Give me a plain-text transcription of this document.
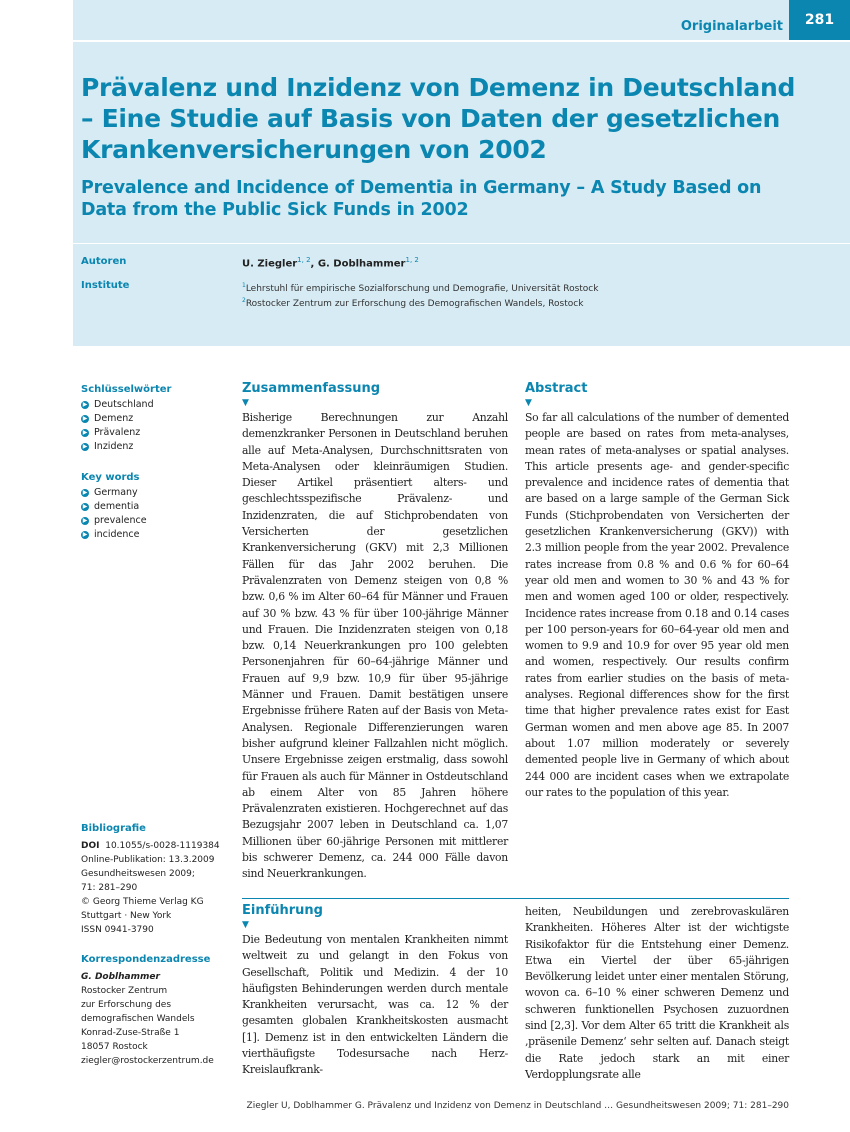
Originalarbeit	281
Prävalenz und Inzidenz von Demenz in Deutschland – Eine Studie auf Basis von Daten der gesetzlichen Krankenversicherungen von 2002
Prevalence and Incidence of Dementia in Germany – A Study Based on Data from the Public Sick Funds in 2002
Autoren	U. Ziegler$^{1, 2}$, G. Doblhammer$^{1, 2}$
Institute	$^1$Lehrstuhl für empirische Sozialforschung und Demografie, Universität Rostock
$^2$Rostocker Zentrum zur Erforschung des Demografischen Wandels, Rostock
Schlüsselwörter
▶ Deutschland
▶ Demenz
▶ Prävalenz
▶ Inzidenz
Key words
▶ Germany
▶ dementia
▶ prevalence
▶ incidence
Bibliografie
DOI 10.1055/s-0028-1119384
Online-Publikation: 13.3.2009
Gesundheitswesen 2009;
71: 281–290
© Georg Thieme Verlag KG
Stuttgart · New York
ISSN 0941-3790
Korrespondenzadresse
G. Doblhammer
Rostocker Zentrum
zur Erforschung des
demografischen Wandels
Konrad-Zuse-Straße 1
18057 Rostock
ziegler@rostockerzentrum.de
Zusammenfassung
▼

Bisherige Berechnungen zur Anzahl demenzkranker Personen in Deutschland beruhen alle auf Meta-Analysen, Durchschnittsraten von Meta-Analysen oder kleinräumigen Studien. Dieser Artikel präsentiert alters- und geschlechtsspezifische Prävalenz- und Inzidenzraten, die auf Stichprobendaten von Versicherten der gesetzlichen Krankenversicherung (GKV) mit 2,3 Millionen Fällen für das Jahr 2002 beruhen. Die Prävalenzraten von Demenz steigen von 0,8 % bzw. 0,6 % im Alter 60–64 für Männer und Frauen auf 30 % bzw. 43 % für über 100-jährige Männer und Frauen. Die Inzidenzraten steigen von 0,18 bzw. 0,14 Neuerkrankungen pro 100 gelebten Personenjahren für 60–64-jährige Männer und Frauen auf 9,9 bzw. 10,9 für über 95-jährige Männer und Frauen. Damit bestätigen unsere Ergebnisse frühere Raten auf der Basis von Meta-Analysen. Regionale Differenzierungen waren bisher aufgrund kleiner Fallzahlen nicht möglich. Unsere Ergebnisse zeigen erstmalig, dass sowohl für Frauen als auch für Männer in Ostdeutschland ab einem Alter von 85 Jahren höhere Prävalenzraten existieren. Hochgerechnet auf das Bezugsjahr 2007 leben in Deutschland ca. 1,07 Millionen über 60-jährige Personen mit mittlerer bis schwerer Demenz, ca. 244 000 Fälle davon sind Neuerkrankungen.

Abstract
▼

So far all calculations of the number of demented people are based on rates from meta-analyses, mean rates of meta-analyses or spatial analyses. This article presents age- and gender-specific prevalence and incidence rates of dementia that are based on a large sample of the German Sick Funds (Stichprobendaten von Versicherten der gesetzlichen Krankenversicherung (GKV)) with 2.3 million people from the year 2002. Prevalence rates increase from 0.8 % and 0.6 % for 60–64 year old men and women to 30 % and 43 % for men and women aged 100 or older, respectively. Incidence rates increase from 0.18 and 0.14 cases per 100 person-years for 60–64-year old men and women to 9.9 and 10.9 for over 95 year old men and women, respectively. Our results confirm rates from earlier studies on the basis of meta-analyses. Regional differences show for the first time that higher prevalence rates exist for East German women and men above age 85. In 2007 about 1.07 million moderately or severely demented people live in Germany of which about 244 000 are incident cases when we extrapolate our rates to the population of this year.

Einführung
▼

Die Bedeutung von mentalen Krankheiten nimmt weltweit zu und gelangt in den Fokus von Gesellschaft, Politik und Medizin. 4 der 10 häufigsten Behinderungen werden durch mentale Krankheiten verursacht, was ca. 12 % der gesamten globalen Krankheitskosten ausmacht [1]. Demenz ist in den entwickelten Ländern die vierthäufigste Todesursache nach Herz-Kreislaufkrank-

heiten, Neubildungen und zerebrovaskulären Krankheiten. Höheres Alter ist der wichtigste Risikofaktor für die Entstehung einer Demenz. Etwa ein Viertel der über 65-jährigen Bevölkerung leidet unter einer mentalen Störung, wovon ca. 6–10 % einer schweren Demenz und schweren funktionellen Psychosen zuzuordnen sind [2,3]. Vor dem Alter 65 tritt die Krankheit als ‚präsenile Demenz‘ sehr selten auf. Danach steigt die Rate jedoch stark an mit einer Verdopplungsrate alle

Ziegler U, Doblhammer G. Prävalenz und Inzidenz von Demenz in Deutschland … Gesundheitswesen 2009; 71: 281–290
